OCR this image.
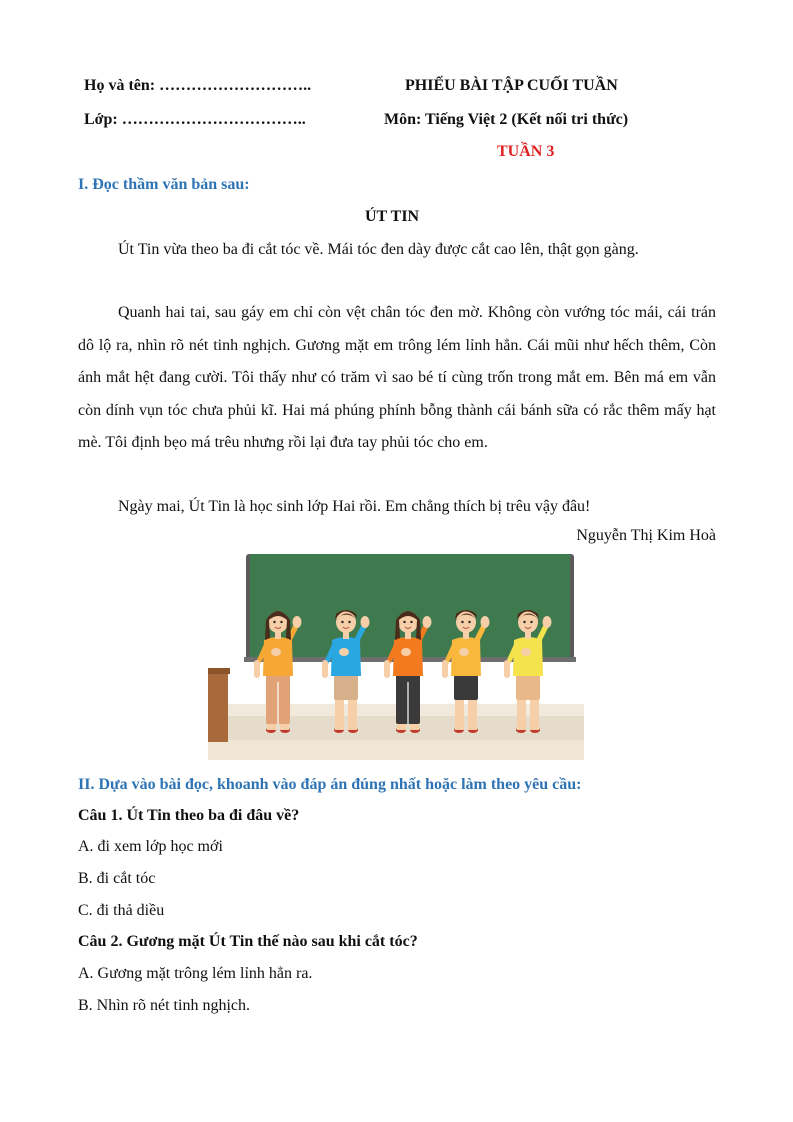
Họ và tên: ………………………..
Lớp: ……………………………..
PHIẾU BÀI TẬP CUỐI TUẦN
Môn: Tiếng Việt 2 (Kết nối tri thức)
TUẦN 3
I. Đọc thầm văn bản sau:
ÚT TIN

Út Tin vừa theo ba đi cắt tóc về. Mái tóc đen dày được cắt cao lên, thật gọn gàng.

Quanh hai tai, sau gáy em chỉ còn vệt chân tóc đen mờ. Không còn vướng tóc mái, cái trán dô lộ ra, nhìn rõ nét tinh nghịch. Gương mặt em trông lém lỉnh hẳn. Cái mũi như hếch thêm, Còn ánh mắt hệt đang cười. Tôi thấy như có trăm vì sao bé tí cùng trốn trong mắt em. Bên má em vẫn còn dính vụn tóc chưa phủi kĩ. Hai má phúng phính bỗng thành cái bánh sữa có rắc thêm mấy hạt mè. Tôi định bẹo má trêu nhưng rồi lại đưa tay phủi tóc cho em.

Ngày mai, Út Tin là học sinh lớp Hai rồi. Em chẳng thích bị trêu vậy đâu!

Nguyễn Thị Kim Hoà
II. Dựa vào bài đọc, khoanh vào đáp án đúng nhất hoặc làm theo yêu cầu:
Câu 1. Út Tin theo ba đi đâu về?
A. đi xem lớp học mới
B. đi cắt tóc
C. đi thả diều
Câu 2. Gương mặt Út Tin thế nào sau khi cắt tóc?
A. Gương mặt trông lém lỉnh hẳn ra.
B. Nhìn rõ nét tinh nghịch.
